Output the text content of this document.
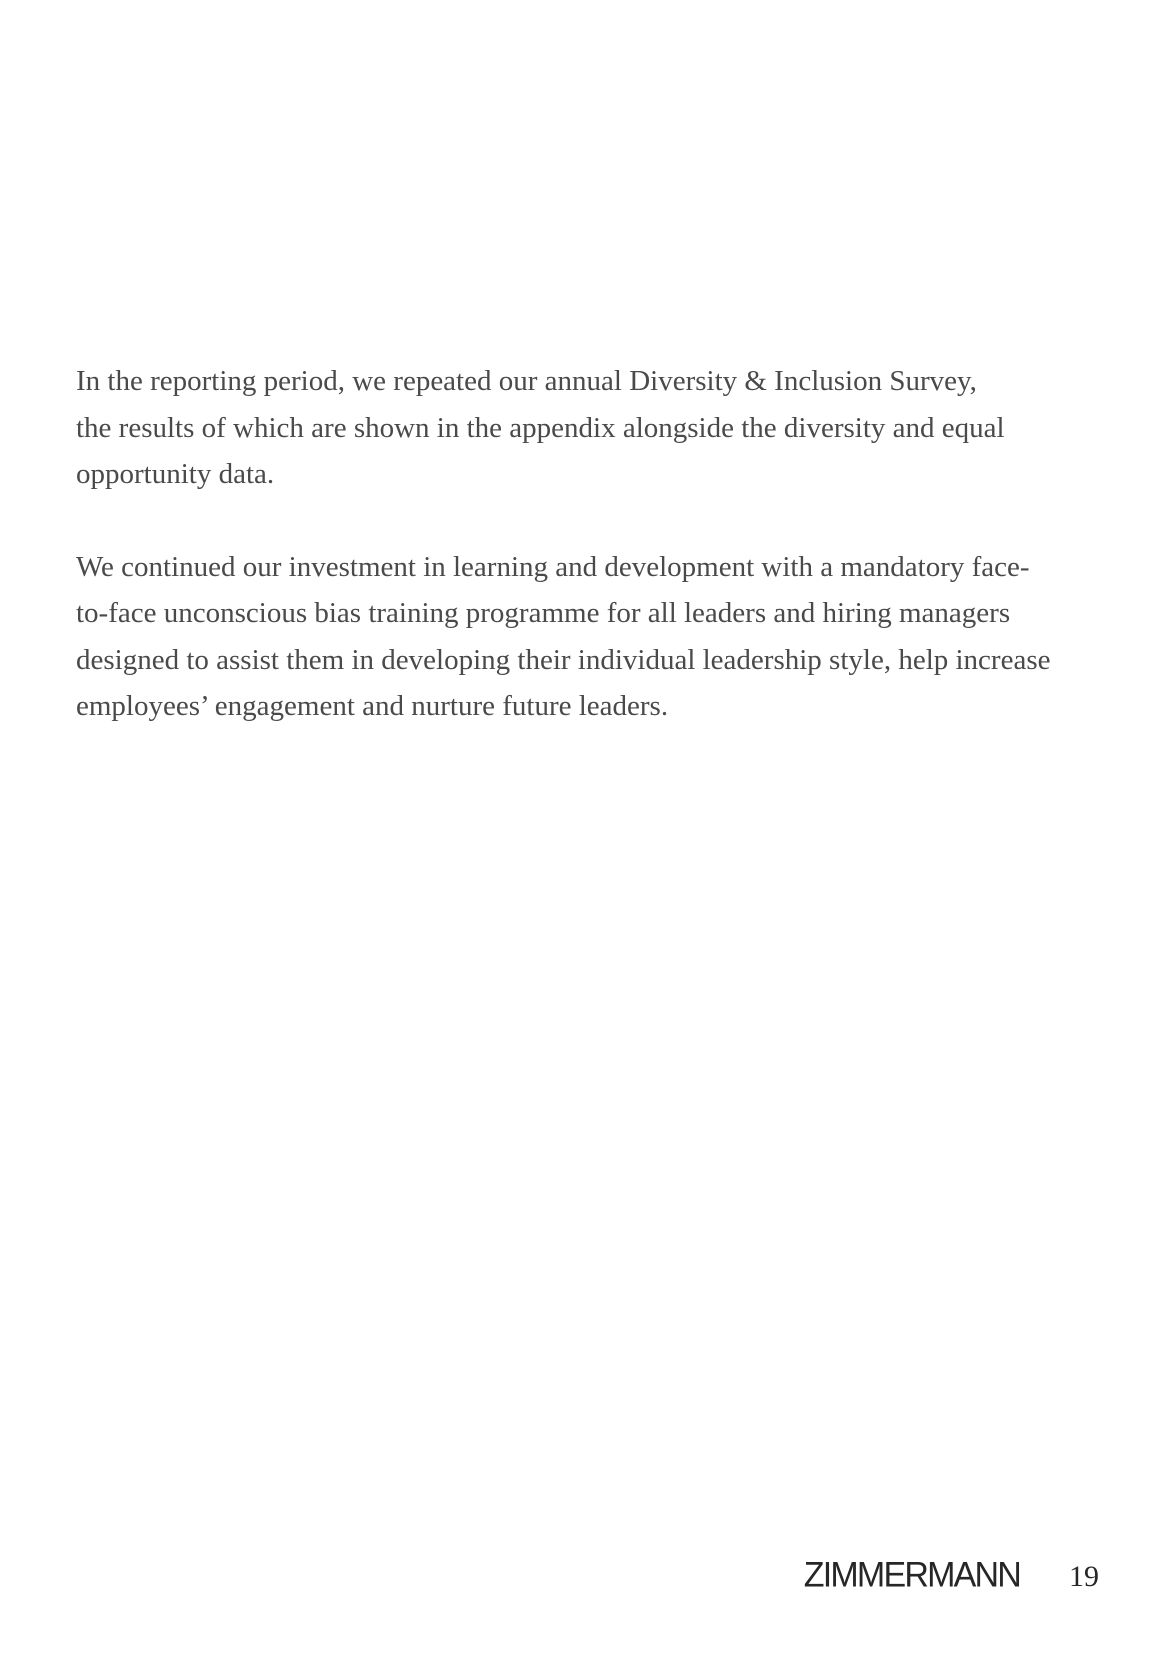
In the reporting period, we repeated our annual Diversity & Inclusion Survey,
the results of which are shown in the appendix alongside the diversity and equal
opportunity data.
We continued our investment in learning and development with a mandatory face-
to-face unconscious bias training programme for all leaders and hiring managers
designed to assist them in developing their individual leadership style, help increase
employees’ engagement and nurture future leaders.
ZIMMERMANN 19
